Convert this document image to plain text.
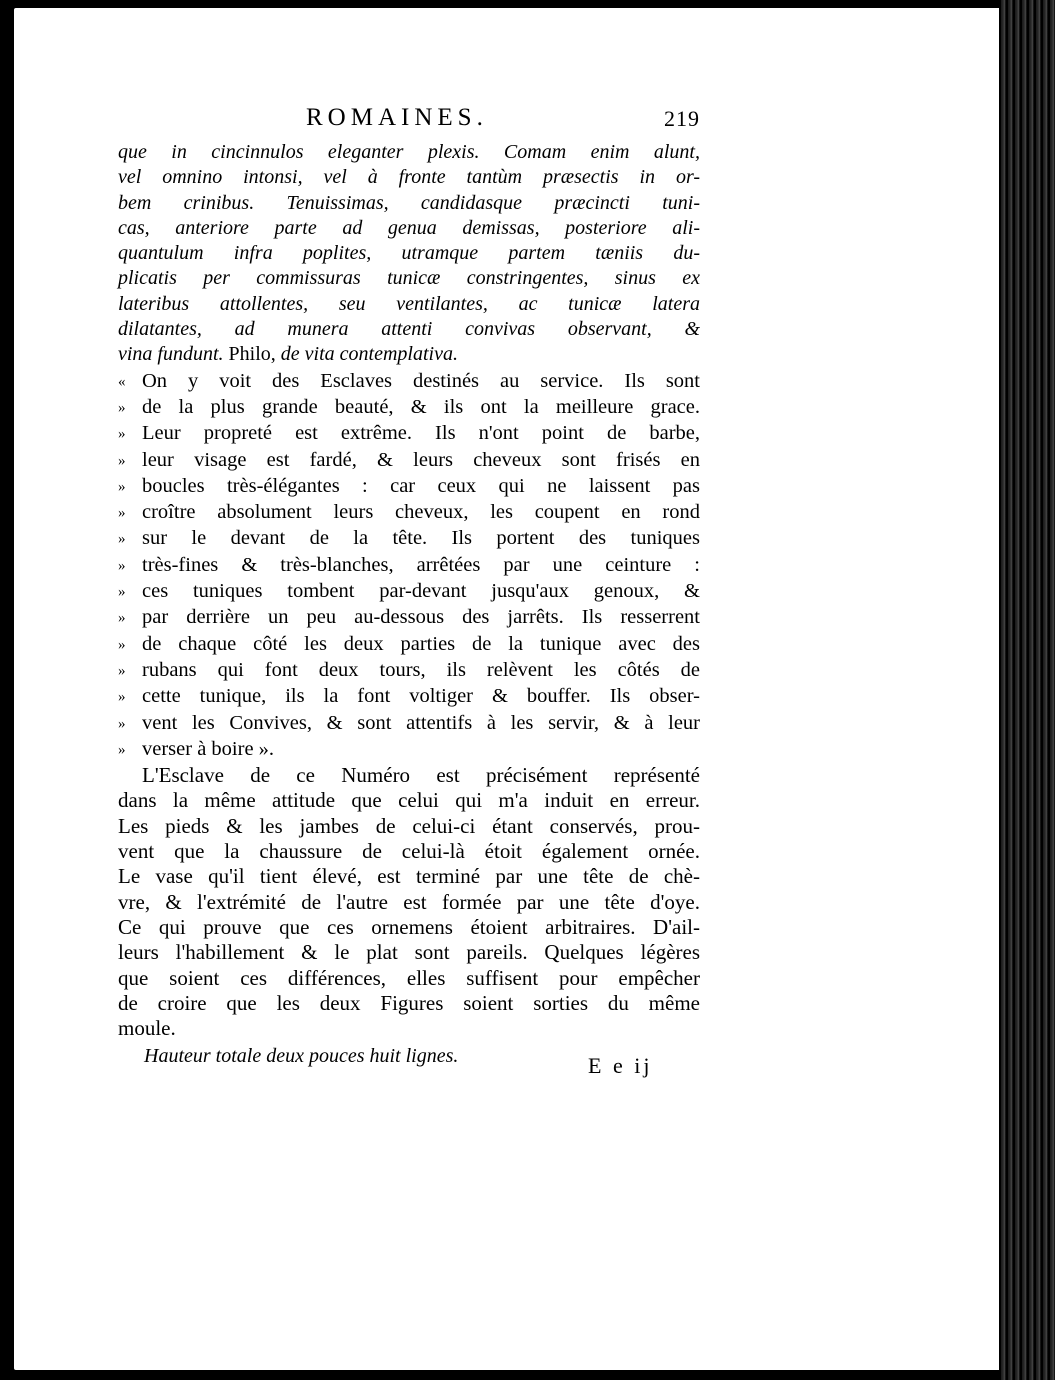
ROMAINES.	219
que in cincinnulos eleganter plexis. Comam enim alunt,
vel omnino intonsi, vel à fronte tantùm præsectis in or-
bem crinibus. Tenuissimas, candidasque præcincti tuni-
cas, anteriore parte ad genua demissas, posteriore ali-
quantulum infra poplites, utramque partem tæniis du-
plicatis per commissuras tunicæ constringentes, sinus ex
lateribus attollentes, seu ventilantes, ac tunicæ latera
dilatantes, ad munera attenti convivas observant, &
vina fundunt. Philo, de vita contemplativa.
« On y voit des Esclaves destinés au service. Ils sont
» de la plus grande beauté, & ils ont la meilleure grace.
» Leur propreté est extrême. Ils n'ont point de barbe,
» leur visage est fardé, & leurs cheveux sont frisés en
» boucles très-élégantes : car ceux qui ne laissent pas
» croître absolument leurs cheveux, les coupent en rond
» sur le devant de la tête. Ils portent des tuniques
» très-fines & très-blanches, arrêtées par une ceinture :
» ces tuniques tombent par-devant jusqu'aux genoux, &
» par derrière un peu au-dessous des jarrêts. Ils resserrent
» de chaque côté les deux parties de la tunique avec des
» rubans qui font deux tours, ils relèvent les côtés de
» cette tunique, ils la font voltiger & bouffer. Ils obser-
» vent les Convives, & sont attentifs à les servir, & à leur
» verser à boire ».
L'Esclave de ce Numéro est précisément représenté
dans la même attitude que celui qui m'a induit en erreur.
Les pieds & les jambes de celui-ci étant conservés, prou-
vent que la chaussure de celui-là étoit également ornée.
Le vase qu'il tient élevé, est terminé par une tête de chè-
vre, & l'extrémité de l'autre est formée par une tête d'oye.
Ce qui prouve que ces ornemens étoient arbitraires. D'ail-
leurs l'habillement & le plat sont pareils. Quelques légères
que soient ces différences, elles suffisent pour empêcher
de croire que les deux Figures soient sorties du même
moule.
Hauteur totale deux pouces huit lignes.	E e ij
